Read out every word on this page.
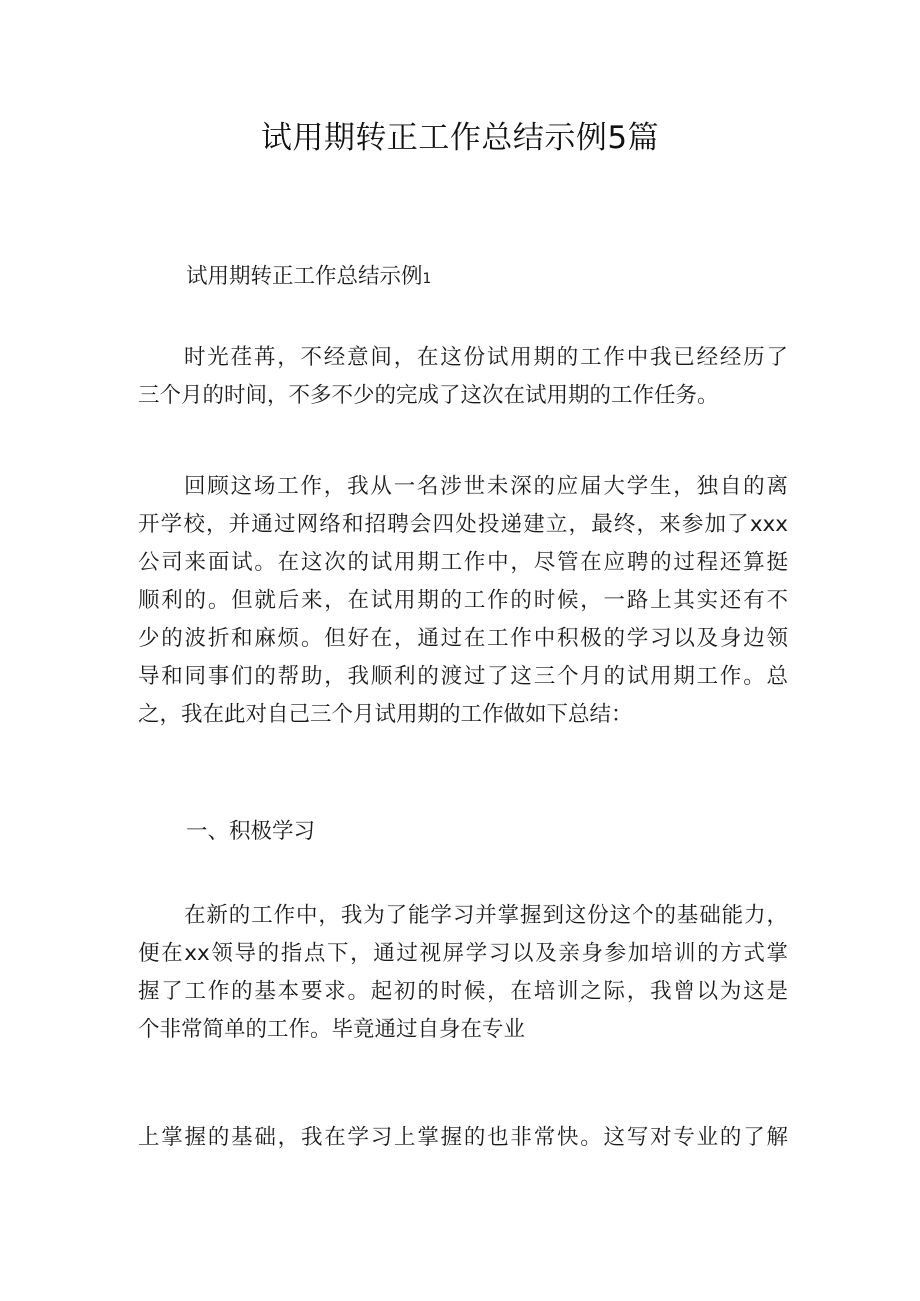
试用期转正工作总结示例5篇
试用期转正工作总结示例1
时光荏苒，不经意间，在这份试用期的工作中我已经经历了
三个月的时间，不多不少的完成了这次在试用期的工作任务。
回顾这场工作，我从一名涉世未深的应届大学生，独自的离
开学校，并通过网络和招聘会四处投递建立，最终，来参加了xxx
公司来面试。在这次的试用期工作中，尽管在应聘的过程还算挺
顺利的。但就后来，在试用期的工作的时候，一路上其实还有不
少的波折和麻烦。但好在，通过在工作中积极的学习以及身边领
导和同事们的帮助，我顺利的渡过了这三个月的试用期工作。总
之，我在此对自己三个月试用期的工作做如下总结：
一、积极学习
在新的工作中，我为了能学习并掌握到这份这个的基础能力，
便在xx领导的指点下，通过视屏学习以及亲身参加培训的方式掌
握了工作的基本要求。起初的时候，在培训之际，我曾以为这是
个非常简单的工作。毕竟通过自身在专业
上掌握的基础，我在学习上掌握的也非常快。这写对专业的了解
